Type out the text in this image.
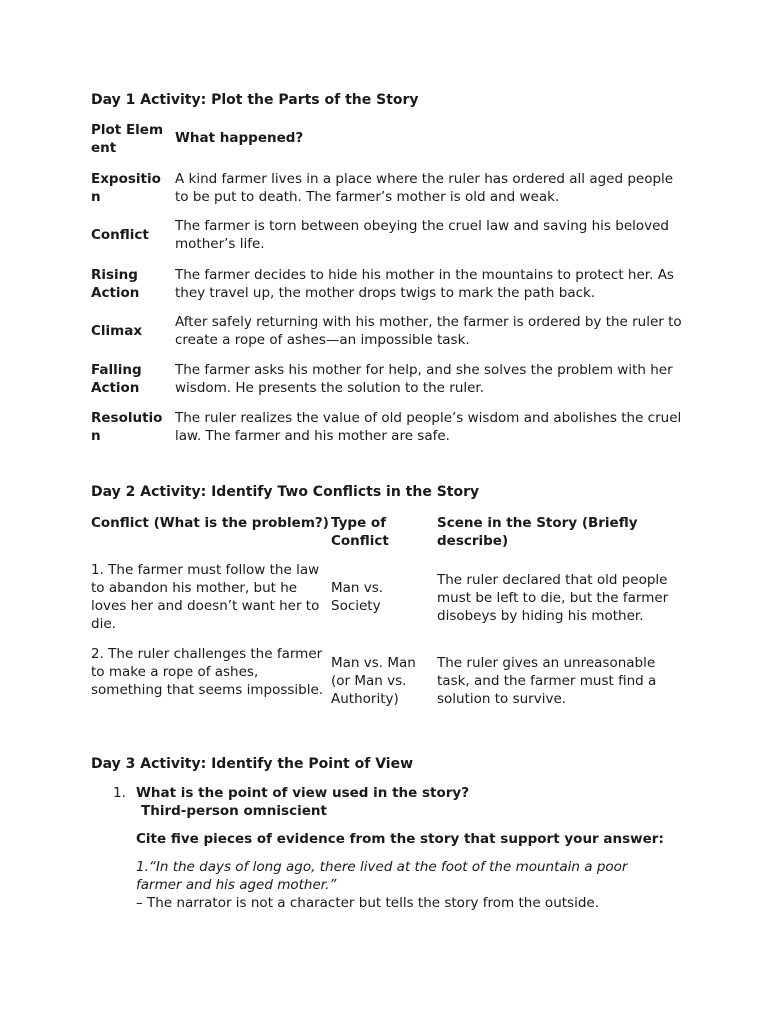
Day 1 Activity: Plot the Parts of the Story
Plot Element
What happened?
Exposition
A kind farmer lives in a place where the ruler has ordered all aged people to be put to death. The farmer’s mother is old and weak.
Conflict
The farmer is torn between obeying the cruel law and saving his beloved mother’s life.
Rising Action
The farmer decides to hide his mother in the mountains to protect her. As they travel up, the mother drops twigs to mark the path back.
Climax
After safely returning with his mother, the farmer is ordered by the ruler to create a rope of ashes—an impossible task.
Falling Action
The farmer asks his mother for help, and she solves the problem with her wisdom. He presents the solution to the ruler.
Resolution
The ruler realizes the value of old people’s wisdom and abolishes the cruel law. The farmer and his mother are safe.
Day 2 Activity: Identify Two Conflicts in the Story
Conflict (What is the problem?) Type of Conflict
Scene in the Story (Briefly describe)
1. The farmer must follow the law to abandon his mother, but he loves her and doesn’t want her to die.
Man vs. Society
The ruler declared that old people must be left to die, but the farmer disobeys by hiding his mother.
2. The ruler challenges the farmer to make a rope of ashes, something that seems impossible.
Man vs. Man (or Man vs. Authority)
The ruler gives an unreasonable task, and the farmer must find a solution to survive.
Day 3 Activity: Identify the Point of View
1. What is the point of view used in the story?
Third-person omniscient
Cite five pieces of evidence from the story that support your answer:
1.“In the days of long ago, there lived at the foot of the mountain a poor farmer and his aged mother.”
– The narrator is not a character but tells the story from the outside.
